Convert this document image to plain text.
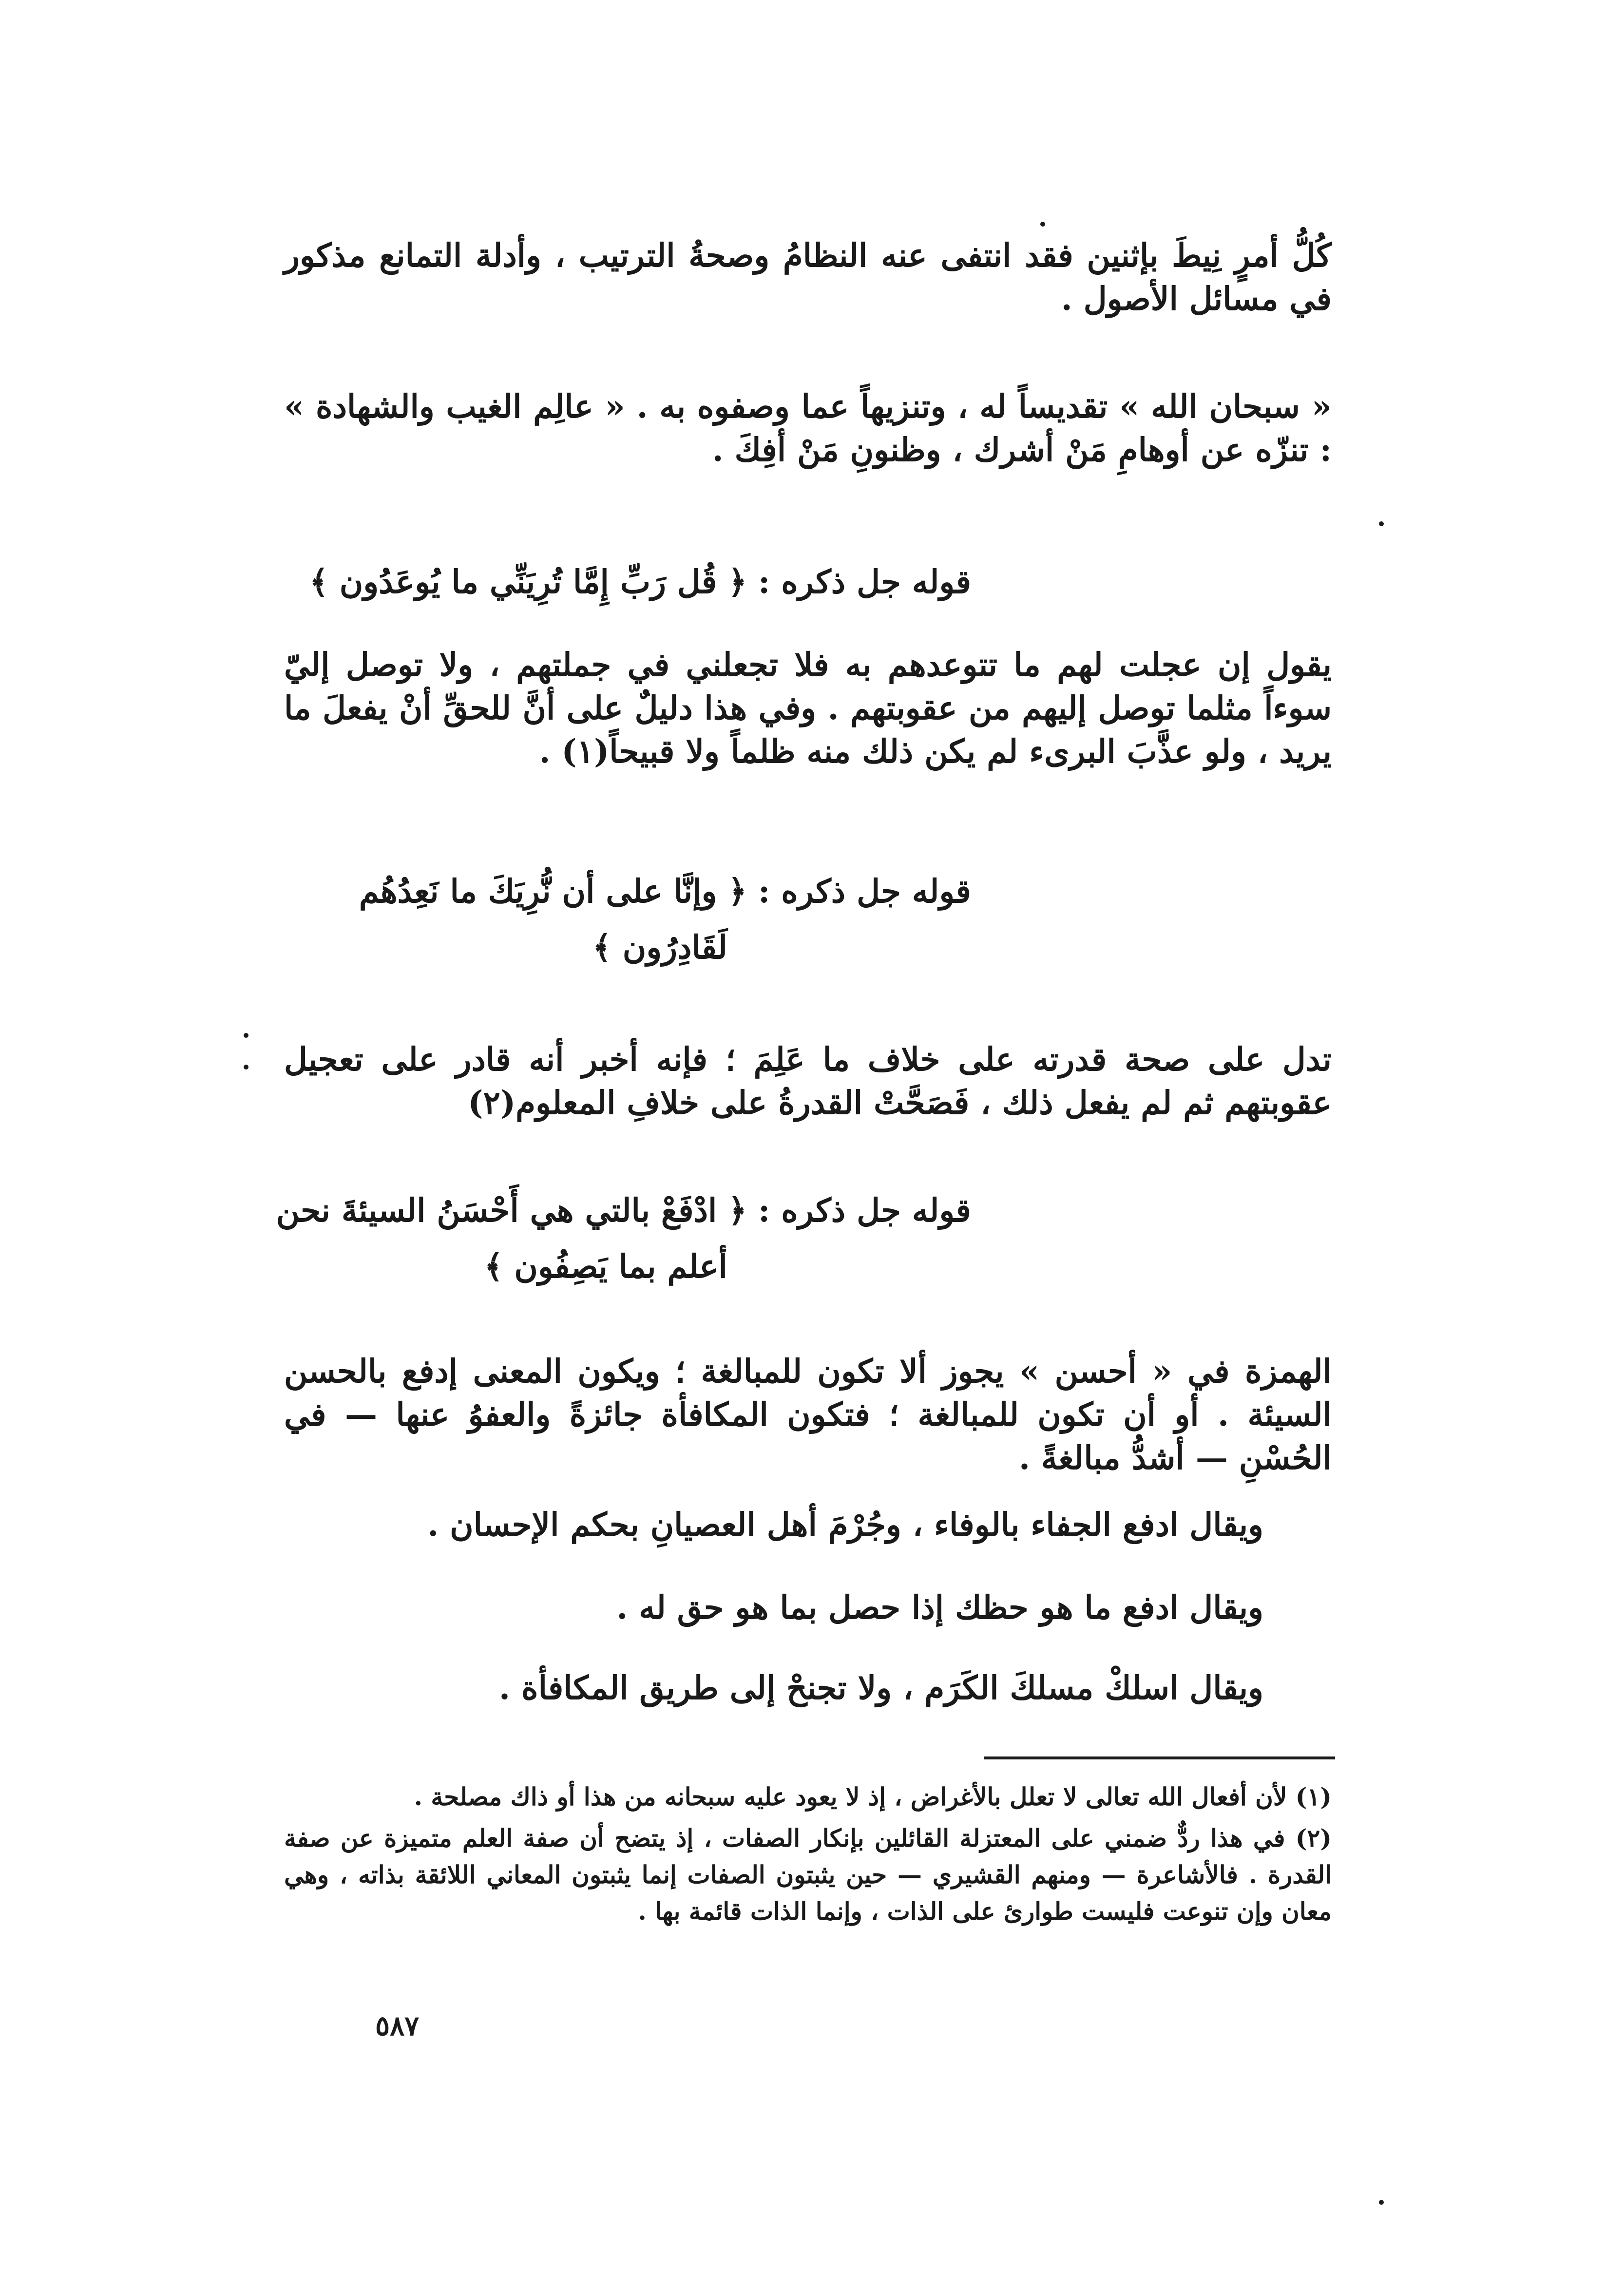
كُلُّ أمرٍ نِيطَ بإثنين فقد انتفى عنه النظامُ وصحةُ الترتيب ، وأدلة التمانع مذكور في مسائل الأصول .
« سبحان الله » تقديساً له ، وتنزيهاً عما وصفوه به . « عالِم الغيب والشهادة » : تنزّه عن أوهامِ مَنْ أشرك ، وظنونِ مَنْ أفِكَ .
قوله جل ذكره : ﴿ قُل رَبِّ إِمَّا تُرِيَنِّي ما يُوعَدُون ﴾
يقول إن عجلت لهم ما تتوعدهم به فلا تجعلني في جملتهم ، ولا توصل إليّ سوءاً مثلما توصل إليهم من عقوبتهم . وفي هذا دليلٌ على أنَّ للحقِّ أنْ يفعلَ ما يريد ، ولو عذَّبَ البرىء لم يكن ذلك منه ظلماً ولا قبيحاً(١) .
قوله جل ذكره : ﴿ وإنَّا على أن نُّرِيَكَ ما نَعِدُهُم
لَقَادِرُون ﴾
تدل على صحة قدرته على خلاف ما عَلِمَ ؛ فإنه أخبر أنه قادر على تعجيل عقوبتهم ثم لم يفعل ذلك ، فَصَحَّتْ القدرةُ على خلافِ المعلوم(٢)
قوله جل ذكره : ﴿ ادْفَعْ بالتي هي أَحْسَنُ السيئةَ نحن
أعلم بما يَصِفُون ﴾
الهمزة في « أحسن » يجوز ألا تكون للمبالغة ؛ ويكون المعنى إدفع بالحسن السيئة . أو أن تكون للمبالغة ؛ فتكون المكافأة جائزةً والعفوُ عنها — في الحُسْنِ — أشدُّ مبالغةً .
ويقال ادفع الجفاء بالوفاء ، وجُرْمَ أهل العصيانِ بحكم الإحسان .
ويقال ادفع ما هو حظك إذا حصل بما هو حق له .
ويقال اسلكْ مسلكَ الكَرَم ، ولا تجنحْ إلى طريق المكافأة .
(١) لأن أفعال الله تعالى لا تعلل بالأغراض ، إذ لا يعود عليه سبحانه من هذا أو ذاك مصلحة .
(٢) في هذا ردٌّ ضمني على المعتزلة القائلين بإنكار الصفات ، إذ يتضح أن صفة العلم متميزة عن صفة القدرة . فالأشاعرة — ومنهم القشيري — حين يثبتون الصفات إنما يثبتون المعاني اللائقة بذاته ، وهي معان وإن تنوعت فليست طوارئ على الذات ، وإنما الذات قائمة بها .
٥٨٧
